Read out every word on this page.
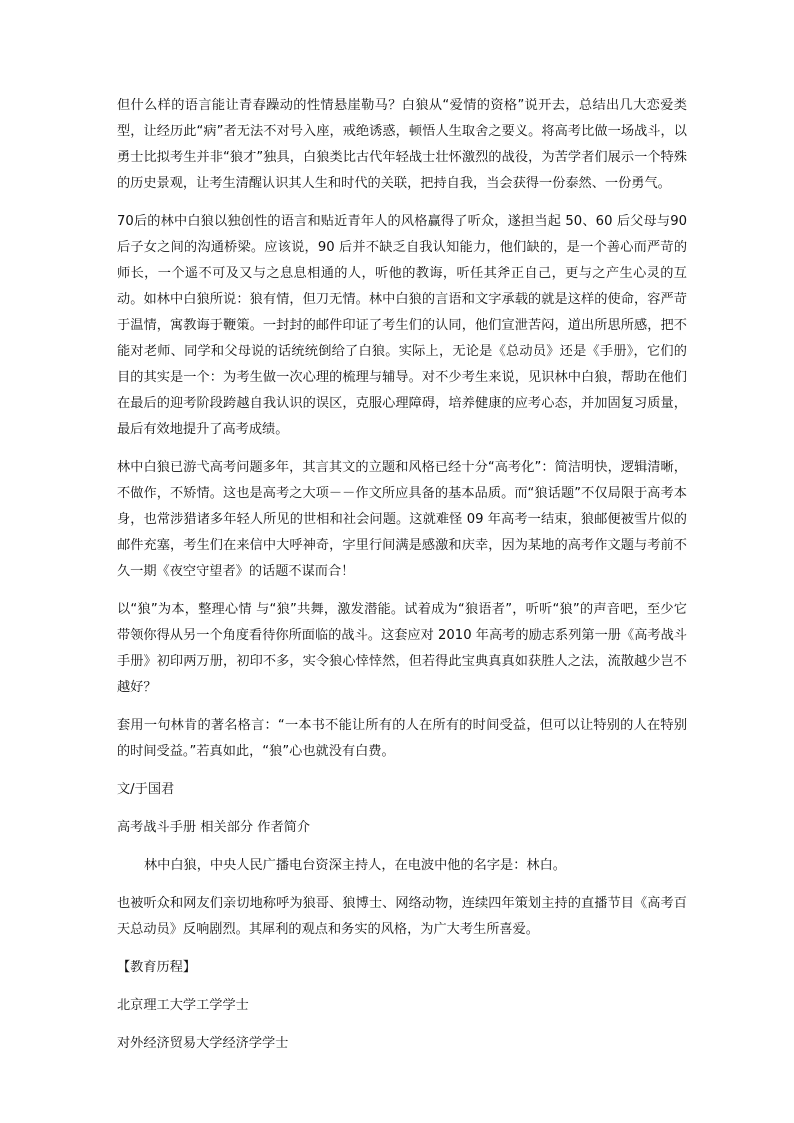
但什么样的语言能让青春躁动的性情悬崖勒马？白狼从“爱情的资格”说开去，总结出几大恋爱类型，让经历此“病”者无法不对号入座，戒绝诱惑，顿悟人生取舍之要义。将高考比做一场战斗，以勇士比拟考生并非“狼才”独具，白狼类比古代年轻战士壮怀激烈的战役，为苦学者们展示一个特殊的历史景观，让考生清醒认识其人生和时代的关联，把持自我，当会获得一份泰然、一份勇气。

70后的林中白狼以独创性的语言和贴近青年人的风格赢得了听众，遂担当起 50、60 后父母与90 后子女之间的沟通桥梁。应该说，90 后并不缺乏自我认知能力，他们缺的，是一个善心而严苛的师长，一个遥不可及又与之息息相通的人，听他的教诲，听任其斧正自己，更与之产生心灵的互动。如林中白狼所说：狼有情，但刀无情。林中白狼的言语和文字承载的就是这样的使命，容严苛于温情，寓教诲于鞭策。一封封的邮件印证了考生们的认同，他们宣泄苦闷，道出所思所感，把不能对老师、同学和父母说的话统统倒给了白狼。实际上，无论是《总动员》还是《手册》，它们的目的其实是一个：为考生做一次心理的梳理与辅导。对不少考生来说，见识林中白狼，帮助在他们在最后的迎考阶段跨越自我认识的误区，克服心理障碍，培养健康的应考心态，并加固复习质量，最后有效地提升了高考成绩。

林中白狼已游弋高考问题多年，其言其文的立题和风格已经十分“高考化”：简洁明快，逻辑清晰，不做作，不矫情。这也是高考之大项－－作文所应具备的基本品质。而“狼话题”不仅局限于高考本身，也常涉猎诸多年轻人所见的世相和社会问题。这就难怪 09 年高考一结束，狼邮便被雪片似的邮件充塞，考生们在来信中大呼神奇，字里行间满是感激和庆幸，因为某地的高考作文题与考前不久一期《夜空守望者》的话题不谋而合！

以“狼”为本，整理心情 与“狼”共舞，激发潜能。试着成为“狼语者”，听听“狼”的声音吧，至少它带领你得从另一个角度看待你所面临的战斗。这套应对 2010 年高考的励志系列第一册《高考战斗手册》初印两万册，初印不多，实令狼心悻悻然，但若得此宝典真真如获胜人之法，流散越少岂不越好？

套用一句林肯的著名格言：“一本书不能让所有的人在所有的时间受益，但可以让特别的人在特别的时间受益。”若真如此，“狼”心也就没有白费。

文/于国君

高考战斗手册 相关部分 作者简介

林中白狼，中央人民广播电台资深主持人，在电波中他的名字是：林白。

也被听众和网友们亲切地称呼为狼哥、狼博士、网络动物，连续四年策划主持的直播节目《高考百天总动员》反响剧烈。其犀利的观点和务实的风格，为广大考生所喜爱。

【教育历程】

北京理工大学工学学士

对外经济贸易大学经济学学士
